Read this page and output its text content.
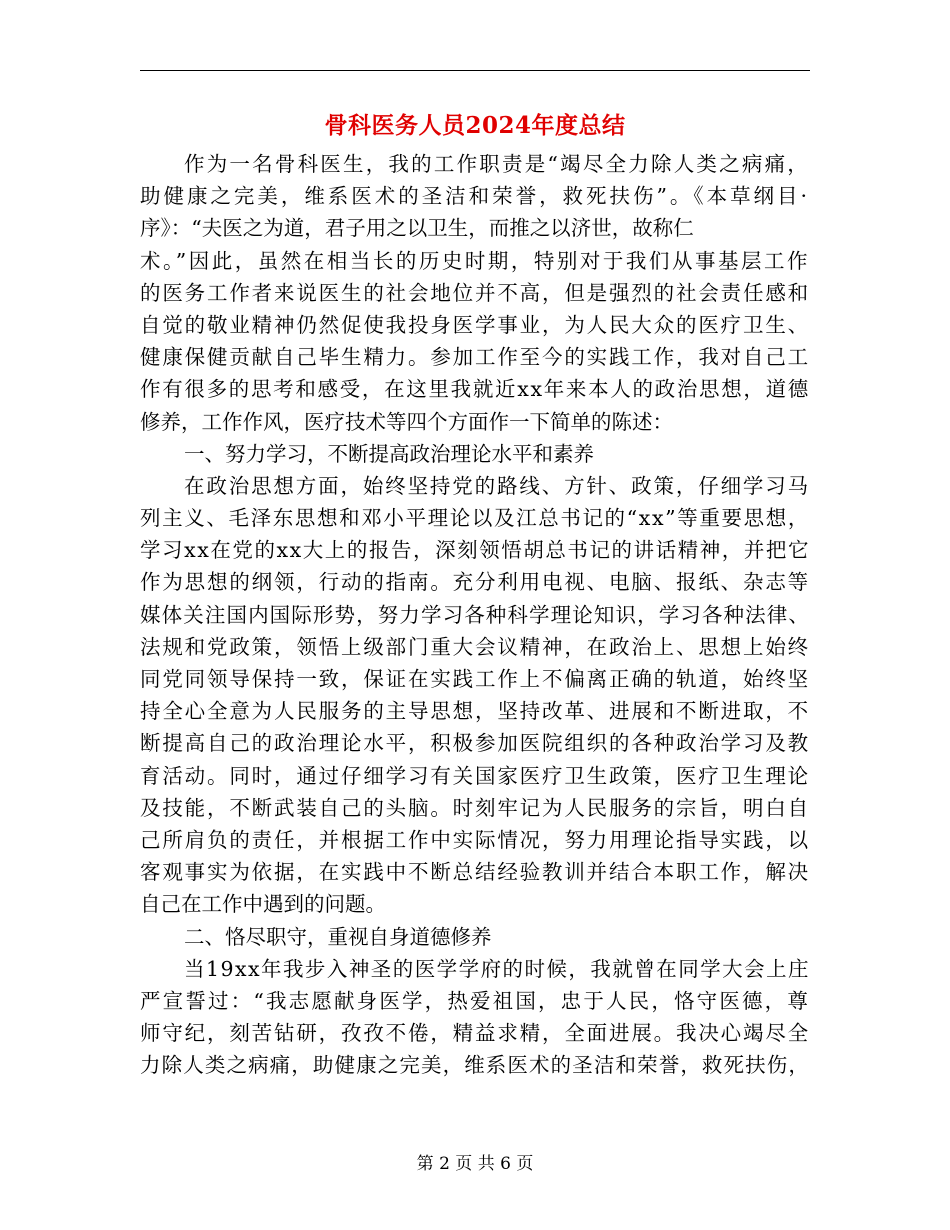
骨科医务人员2024年度总结
作为一名骨科医生，我的工作职责是“竭尽全力除人类之病痛，
助健康之完美，维系医术的圣洁和荣誉，救死扶伤”。《本草纲目·
序》：“夫医之为道，君子用之以卫生，而推之以济世，故称仁
术。”因此，虽然在相当长的历史时期，特别对于我们从事基层工作
的医务工作者来说医生的社会地位并不高，但是强烈的社会责任感和
自觉的敬业精神仍然促使我投身医学事业，为人民大众的医疗卫生、
健康保健贡献自己毕生精力。参加工作至今的实践工作，我对自己工
作有很多的思考和感受，在这里我就近xx年来本人的政治思想，道德
修养，工作作风，医疗技术等四个方面作一下简单的陈述：
一、努力学习，不断提高政治理论水平和素养
在政治思想方面，始终坚持党的路线、方针、政策，仔细学习马
列主义、毛泽东思想和邓小平理论以及江总书记的“xx”等重要思想，
学习xx在党的xx大上的报告，深刻领悟胡总书记的讲话精神，并把它
作为思想的纲领，行动的指南。充分利用电视、电脑、报纸、杂志等
媒体关注国内国际形势，努力学习各种科学理论知识，学习各种法律、
法规和党政策，领悟上级部门重大会议精神，在政治上、思想上始终
同党同领导保持一致，保证在实践工作上不偏离正确的轨道，始终坚
持全心全意为人民服务的主导思想，坚持改革、进展和不断进取，不
断提高自己的政治理论水平，积极参加医院组织的各种政治学习及教
育活动。同时，通过仔细学习有关国家医疗卫生政策，医疗卫生理论
及技能，不断武装自己的头脑。时刻牢记为人民服务的宗旨，明白自
己所肩负的责任，并根据工作中实际情况，努力用理论指导实践，以
客观事实为依据，在实践中不断总结经验教训并结合本职工作，解决
自己在工作中遇到的问题。
二、恪尽职守，重视自身道德修养
当19xx年我步入神圣的医学学府的时候，我就曾在同学大会上庄
严宣誓过：“我志愿献身医学，热爱祖国，忠于人民，恪守医德，尊
师守纪，刻苦钻研，孜孜不倦，精益求精，全面进展。我决心竭尽全
力除人类之病痛，助健康之完美，维系医术的圣洁和荣誉，救死扶伤，
第 2 页 共 6 页
